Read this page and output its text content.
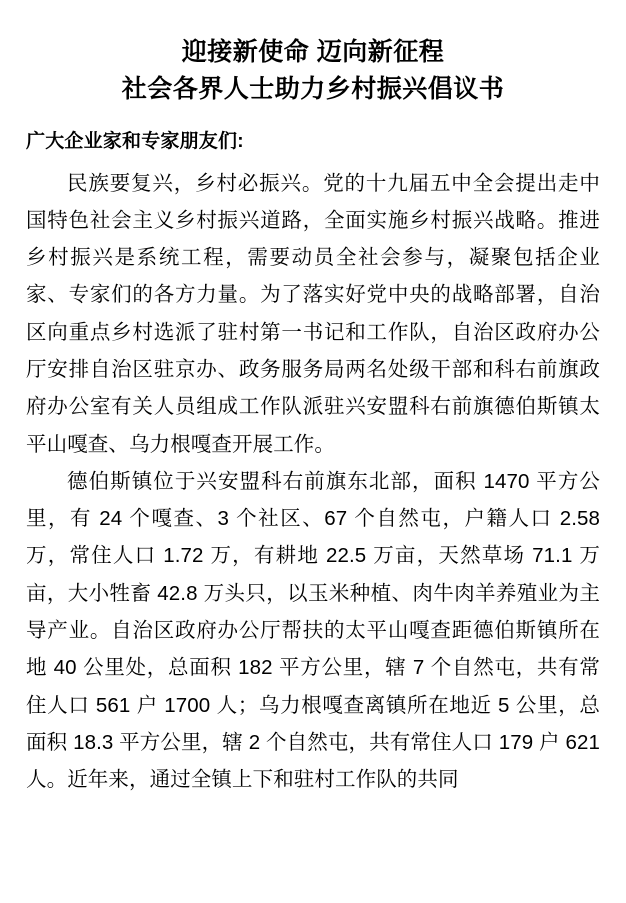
迎接新使命 迈向新征程
社会各界人士助力乡村振兴倡议书

广大企业家和专家朋友们:

民族要复兴，乡村必振兴。党的十九届五中全会提出走中国特色社会主义乡村振兴道路，全面实施乡村振兴战略。推进乡村振兴是系统工程，需要动员全社会参与，凝聚包括企业家、专家们的各方力量。为了落实好党中央的战略部署，自治区向重点乡村选派了驻村第一书记和工作队，自治区政府办公厅安排自治区驻京办、政务服务局两名处级干部和科右前旗政府办公室有关人员组成工作队派驻兴安盟科右前旗德伯斯镇太平山嘎查、乌力根嘎查开展工作。

德伯斯镇位于兴安盟科右前旗东北部，面积 1470 平方公里，有 24 个嘎查、3 个社区、67 个自然屯，户籍人口 2.58 万，常住人口 1.72 万，有耕地 22.5 万亩，天然草场 71.1 万亩，大小牲畜 42.8 万头只，以玉米种植、肉牛肉羊养殖业为主导产业。自治区政府办公厅帮扶的太平山嘎查距德伯斯镇所在地 40 公里处，总面积 182 平方公里，辖 7 个自然屯，共有常住人口 561 户 1700 人；乌力根嘎查离镇所在地近 5 公里，总面积 18.3 平方公里，辖 2 个自然屯，共有常住人口 179 户 621 人。近年来，通过全镇上下和驻村工作队的共同
